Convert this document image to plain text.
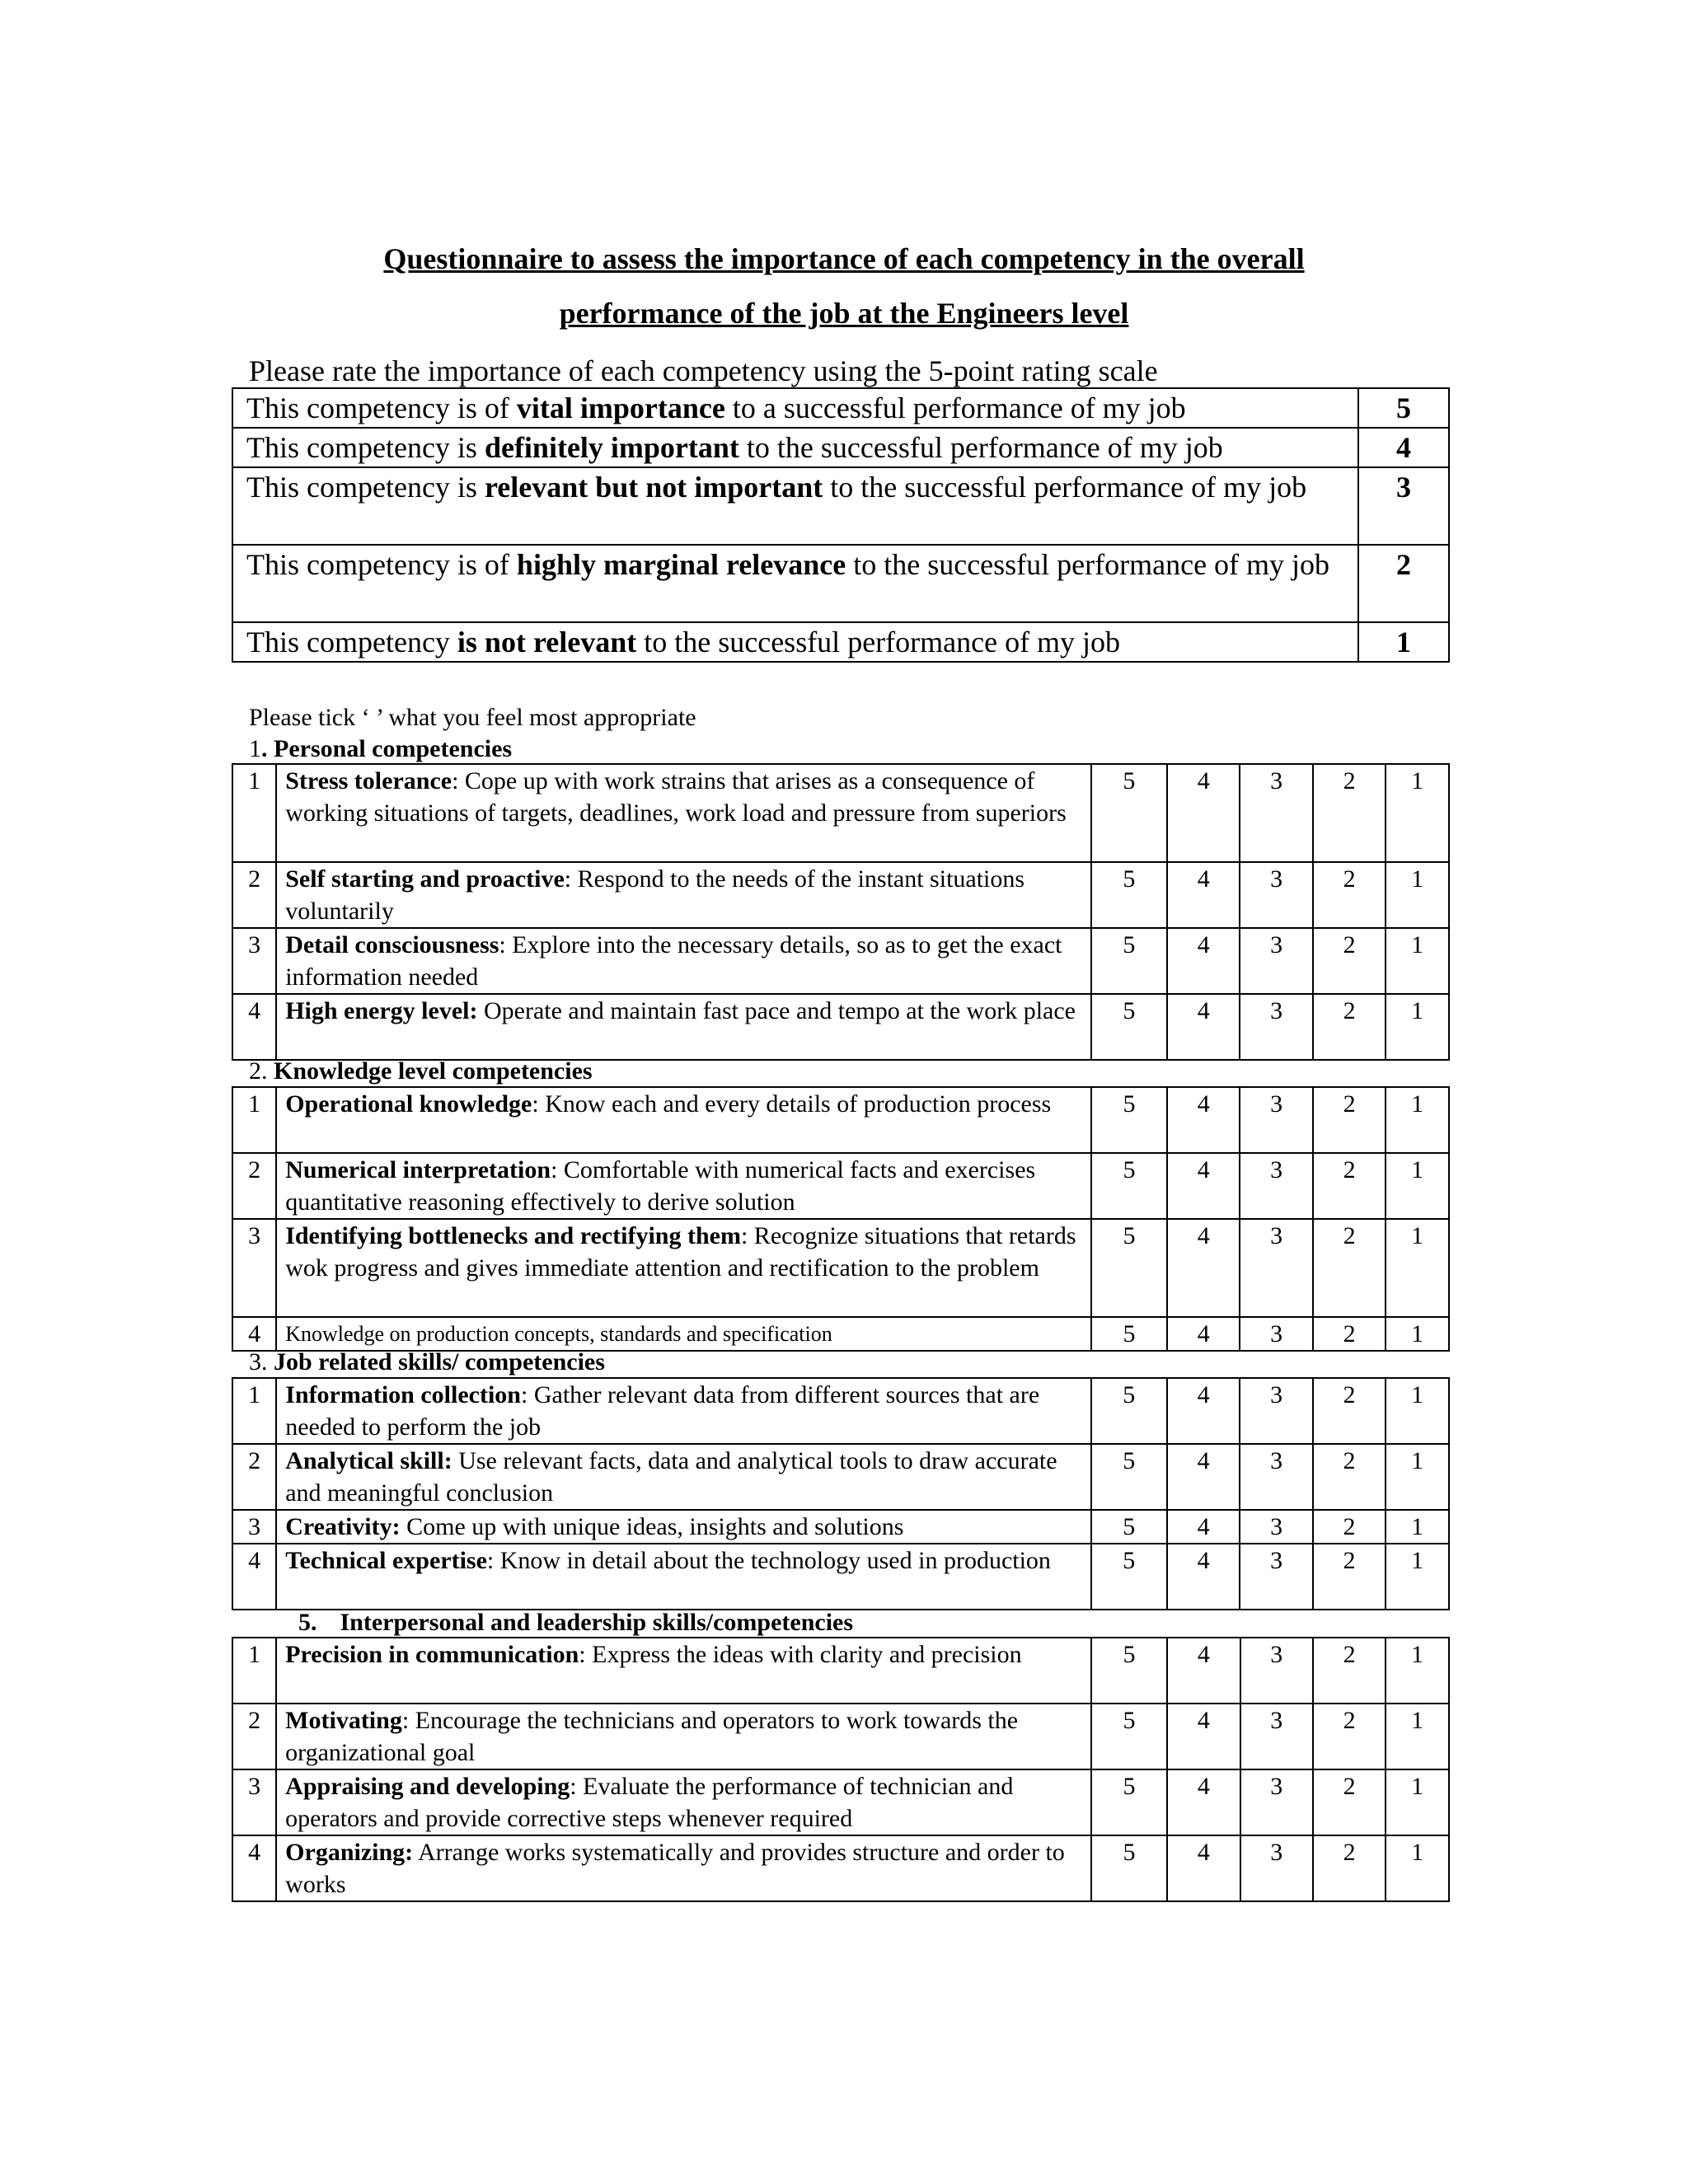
Questionnaire to assess the importance of each competency in the overall
performance of the job at the Engineers level
Please rate the importance of each competency using the 5-point rating scale
This competency is of vital importance to a successful performance of my job	5
This competency is definitely important to the successful performance of my job	4
This competency is relevant but not important to the successful performance of my job	3
This competency is of highly marginal relevance to the successful performance of my job	2
This competency is not relevant to the successful performance of my job	1
Please tick ‘ ’ what you feel most appropriate
1. Personal competencies
1	Stress tolerance: Cope up with work strains that arises as a consequence of working situations of targets, deadlines, work load and pressure from superiors	5	4	3	2	1
2	Self starting and proactive: Respond to the needs of the instant situations voluntarily	5	4	3	2	1
3	Detail consciousness: Explore into the necessary details, so as to get the exact information needed	5	4	3	2	1
4	High energy level: Operate and maintain fast pace and tempo at the work place	5	4	3	2	1
2. Knowledge level competencies
1	Operational knowledge: Know each and every details of production process	5	4	3	2	1
2	Numerical interpretation: Comfortable with numerical facts and exercises quantitative reasoning effectively to derive solution	5	4	3	2	1
3	Identifying bottlenecks and rectifying them: Recognize situations that retards wok progress and gives immediate attention and rectification to the problem	5	4	3	2	1
4	Knowledge on production concepts, standards and specification	5	4	3	2	1
3. Job related skills/ competencies
1	Information collection: Gather relevant data from different sources that are needed to perform the job	5	4	3	2	1
2	Analytical skill: Use relevant facts, data and analytical tools to draw accurate and meaningful conclusion	5	4	3	2	1
3	Creativity: Come up with unique ideas, insights and solutions	5	4	3	2	1
4	Technical expertise: Know in detail about the technology used in production	5	4	3	2	1
5. Interpersonal and leadership skills/competencies
1	Precision in communication: Express the ideas with clarity and precision	5	4	3	2	1
2	Motivating: Encourage the technicians and operators to work towards the organizational goal	5	4	3	2	1
3	Appraising and developing: Evaluate the performance of technician and operators and provide corrective steps whenever required	5	4	3	2	1
4	Organizing: Arrange works systematically and provides structure and order to works	5	4	3	2	1
